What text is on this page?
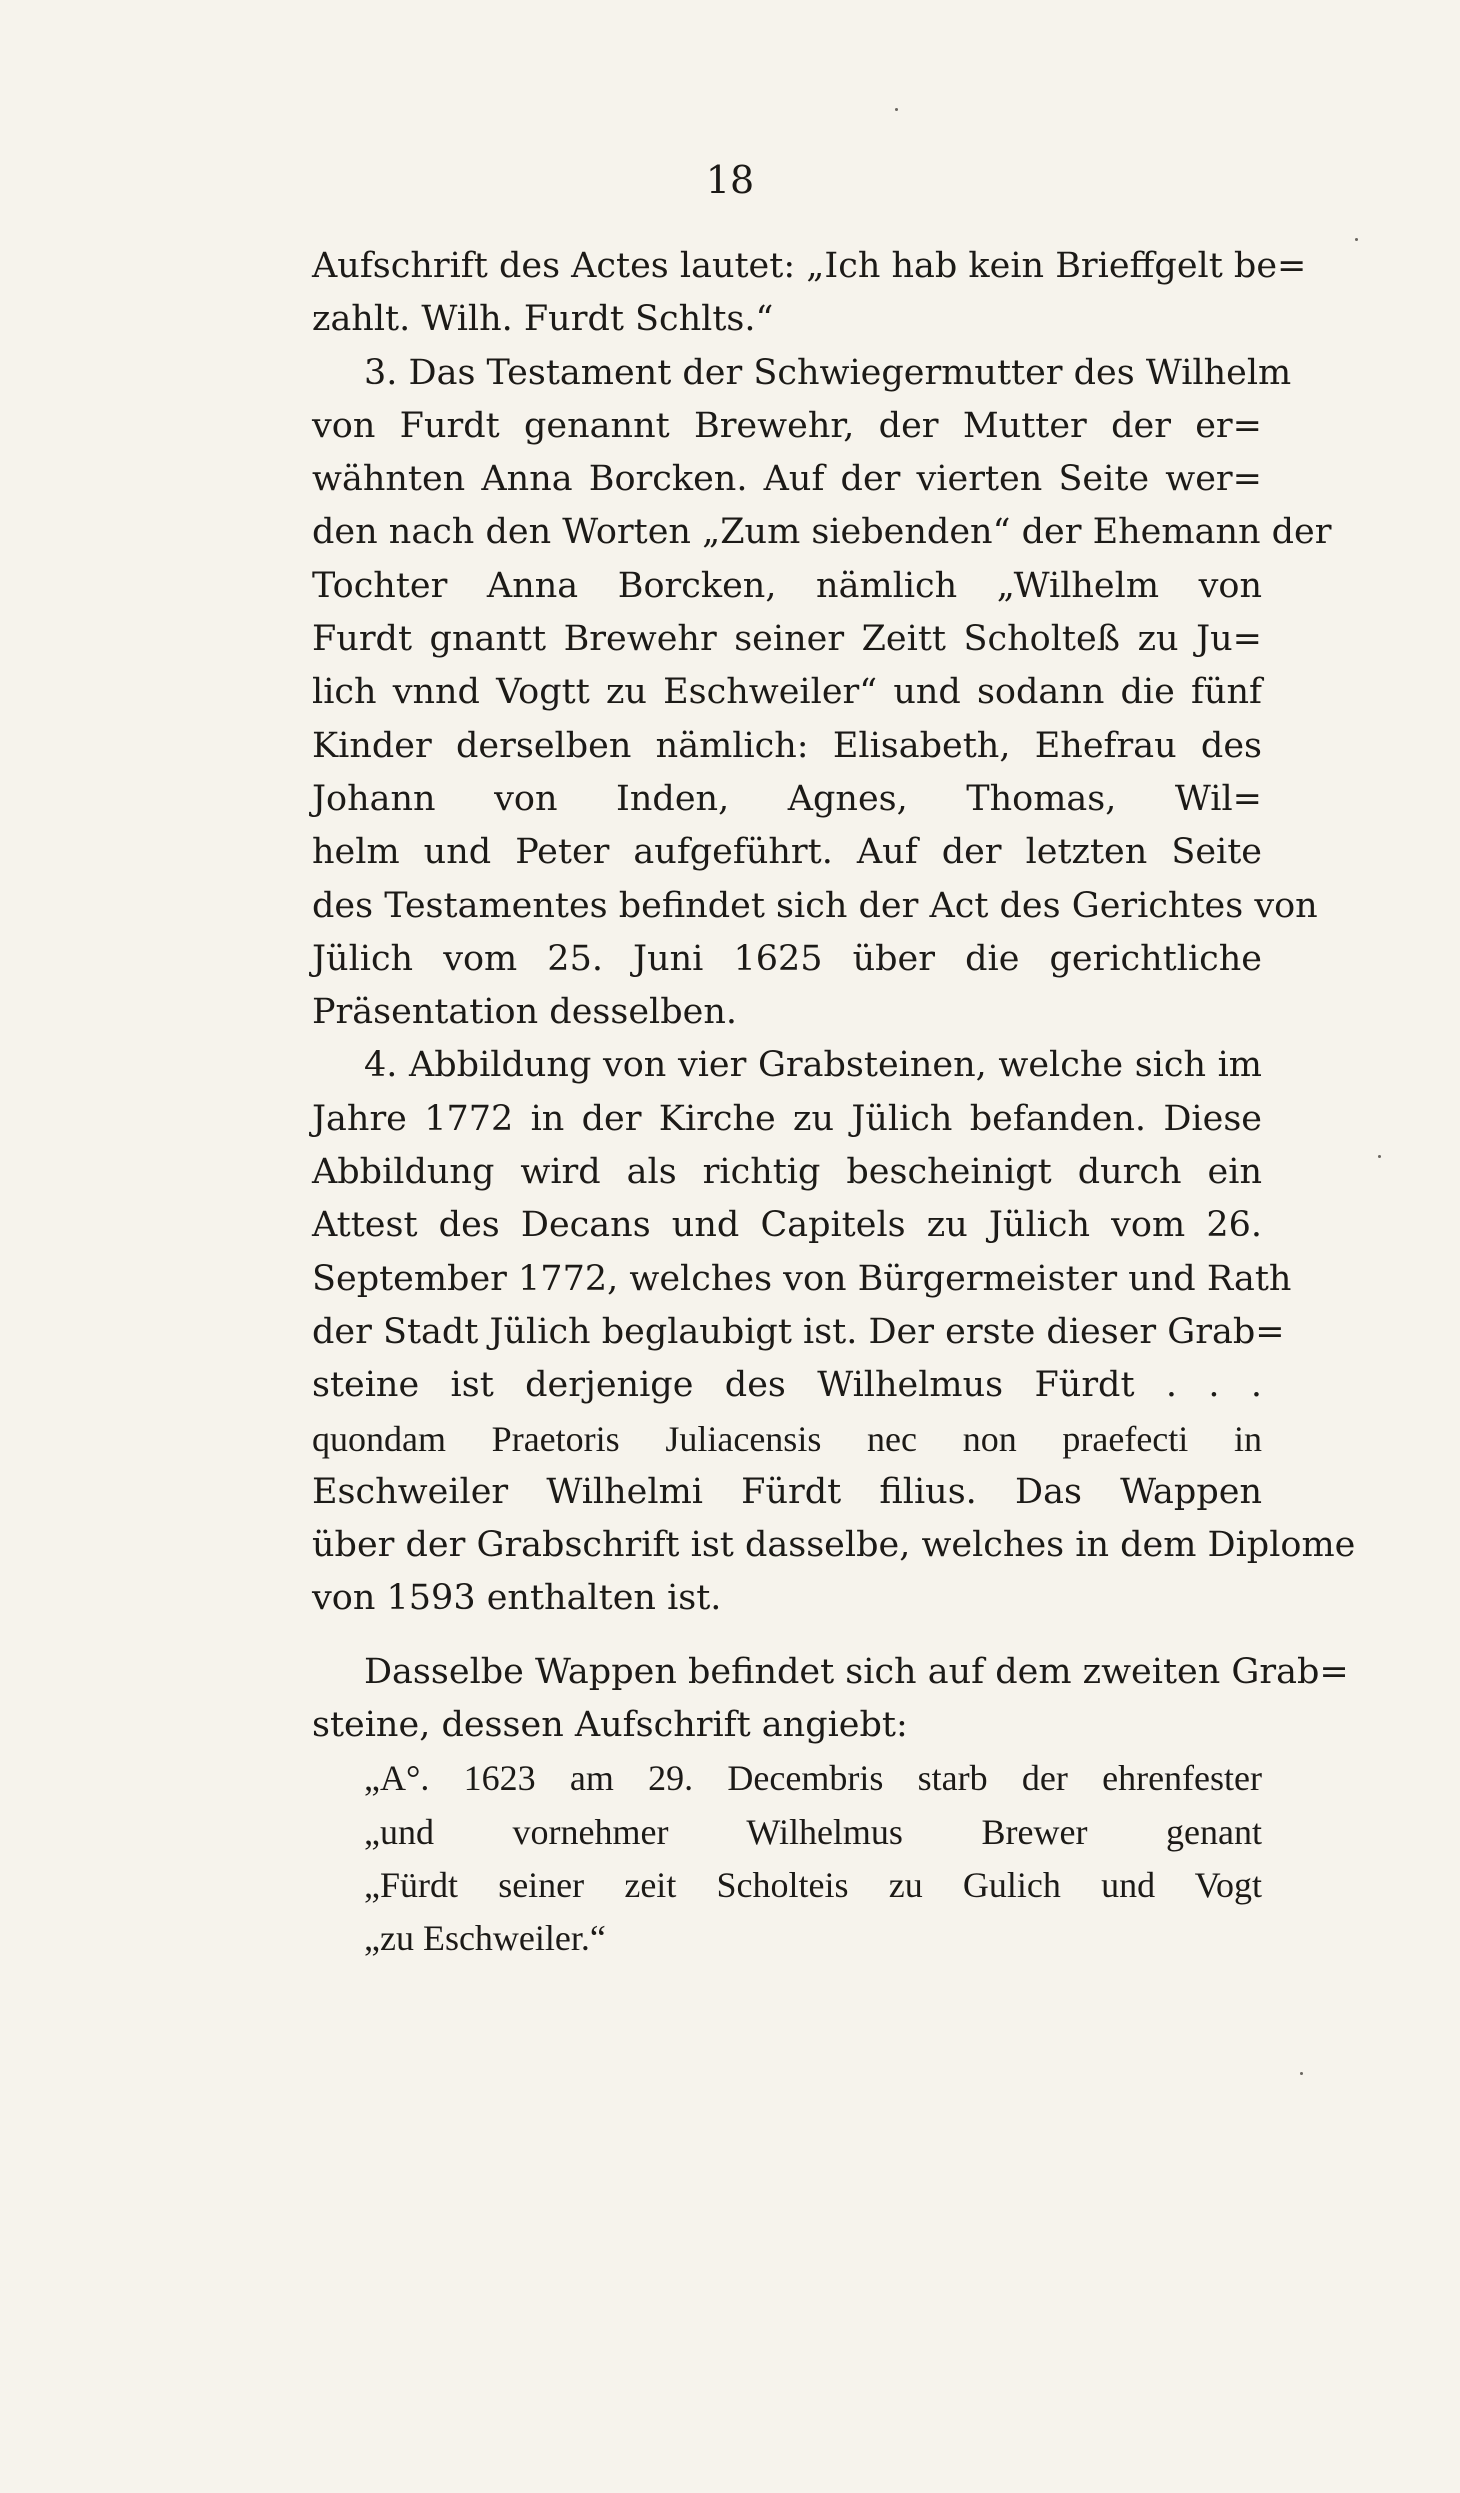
18
Aufschrift des Actes lautet: „Ich hab kein Brieffgelt be=
zahlt. Wilh. Furdt Schlts.“
3. Das Testament der Schwiegermutter des Wilhelm
von Furdt genannt Brewehr, der Mutter der er=
wähnten Anna Borcken. Auf der vierten Seite wer=
den nach den Worten „Zum siebenden“ der Ehemann der
Tochter Anna Borcken, nämlich „Wilhelm von
Furdt gnantt Brewehr seiner Zeitt Scholteß zu Ju=
lich vnnd Vogtt zu Eschweiler“ und sodann die fünf
Kinder derselben nämlich: Elisabeth, Ehefrau des
Johann von Inden, Agnes, Thomas, Wil=
helm und Peter aufgeführt. Auf der letzten Seite
des Testamentes befindet sich der Act des Gerichtes von
Jülich vom 25. Juni 1625 über die gerichtliche
Präsentation desselben.
4. Abbildung von vier Grabsteinen, welche sich im
Jahre 1772 in der Kirche zu Jülich befanden. Diese
Abbildung wird als richtig bescheinigt durch ein
Attest des Decans und Capitels zu Jülich vom 26.
September 1772, welches von Bürgermeister und Rath
der Stadt Jülich beglaubigt ist. Der erste dieser Grab=
steine ist derjenige des Wilhelmus Fürdt . . .
quondam Praetoris Juliacensis nec non praefecti in
Eschweiler Wilhelmi Fürdt filius. Das Wappen
über der Grabschrift ist dasselbe, welches in dem Diplome
von 1593 enthalten ist.
Dasselbe Wappen befindet sich auf dem zweiten Grab=
steine, dessen Aufschrift angiebt:
„A°. 1623 am 29. Decembris starb der ehrenfester
„und vornehmer Wilhelmus Brewer genant
„Fürdt seiner zeit Scholteis zu Gulich und Vogt
„zu Eschweiler.“
